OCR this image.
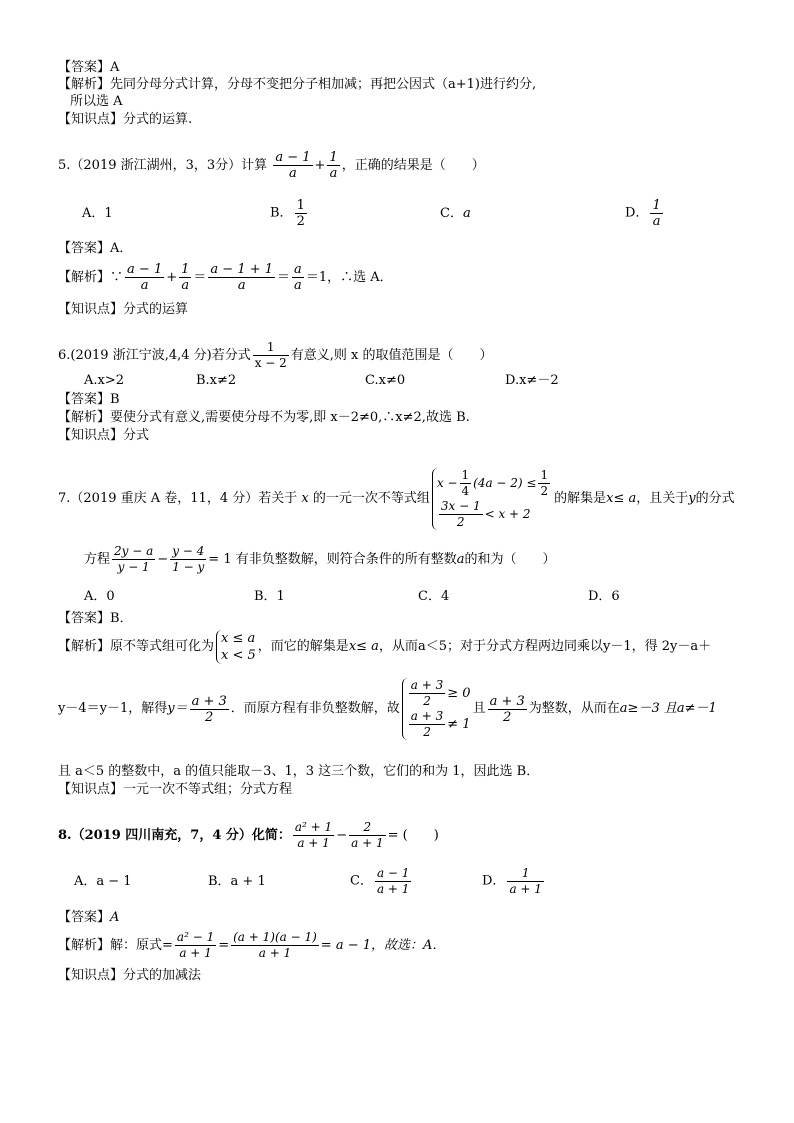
【答案】A
【解析】先同分母分式计算，分母不变把分子相加减；再把公因式（a+1)进行约分,
所以选 A
【知识点】分式的运算.
5.（2019 浙江湖州，3，3分）计算 $\frac{a - 1}{a} + \frac{1}{a}$ ，正确的结果是（　　）
A．1	B． $\frac{1}{2}$	C．a	D． $\frac{1}{a}$
【答案】A．
【解析】∵ $\frac{a - 1}{a} + \frac{1}{a} = \frac{a - 1 + 1}{a} = \frac{a}{a} =1$，∴选 A．
【知识点】分式的运算
6.(2019 浙江宁波,4,4 分)若分式 $\frac{1}{x - 2}$ 有意义,则 x 的取值范围是（　　）
A.x>2	B.x≠2	C.x≠0	D.x≠－2
【答案】B
【解析】要使分式有意义,需要使分母不为零,即 x－2≠0,∴x≠2,故选 B.
【知识点】分式
7.（2019 重庆 A 卷，11，4 分）若关于 x 的一元一次不等式组
$x - \frac{1}{4} (4a - 2) \le \frac{1}{2}$
$\frac{3x - 1}{2} < x + 2$
的解集是x≤ a，且关于y的分式
方程 $\frac{2y - a}{y - 1} - \frac{y - 4}{1 - y} = 1$ 有非负整数解，则符合条件的所有整数a的和为（　　）
A．0	B．1	C．4	D．6
【答案】B．
【解析】原不等式组可化为
x ≤ a
x < 5
，而它的解集是x≤ a，从而a＜5；对于分式方程两边同乘以y－1，得 2y－a＋
y－4＝y－1，解得$y= \frac{a + 3}{2}$ ．而原方程有非负整数解，故 $\frac{a + 3}{2} \ge 0$
$\frac{a + 3}{2} \ne 1$
且 $\frac{a + 3}{2}$ 为整数，从而在a≥－3 且a≠－1
且 a＜5 的整数中，a 的值只能取－3、1，3 这三个数，它们的和为 1，因此选 B．
【知识点】一元一次不等式组；分式方程
8.（2019 四川南充，7，4 分）化简： $\frac{\text{a² + 1}}{a + 1} - \frac{2}{a + 1}$ = (　　)
A．a − 1	B．a + 1	C． $\frac{a - 1}{a + 1}$	D． $\frac{1}{a + 1}$
【答案】A
【解析】解：原式= $\frac{\text{a² − 1}}{a + 1} = \frac{(a + 1)(a - 1)}{a + 1} = a - 1$，故选：A．
【知识点】分式的加减法
